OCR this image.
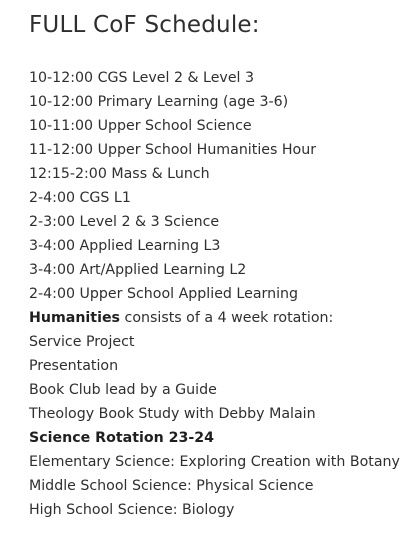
FULL CoF Schedule:
10-12:00 CGS Level 2 & Level 3
10-12:00 Primary Learning (age 3-6)
10-11:00 Upper School Science
11-12:00 Upper School Humanities Hour
12:15-2:00 Mass & Lunch
2-4:00 CGS L1
2-3:00 Level 2 & 3 Science
3-4:00 Applied Learning L3
3-4:00 Art/Applied Learning L2
2-4:00 Upper School Applied Learning
Humanities consists of a 4 week rotation:
Service Project
Presentation
Book Club lead by a Guide
Theology Book Study with Debby Malain
Science Rotation 23-24
Elementary Science: Exploring Creation with Botany
Middle School Science: Physical Science
High School Science: Biology
